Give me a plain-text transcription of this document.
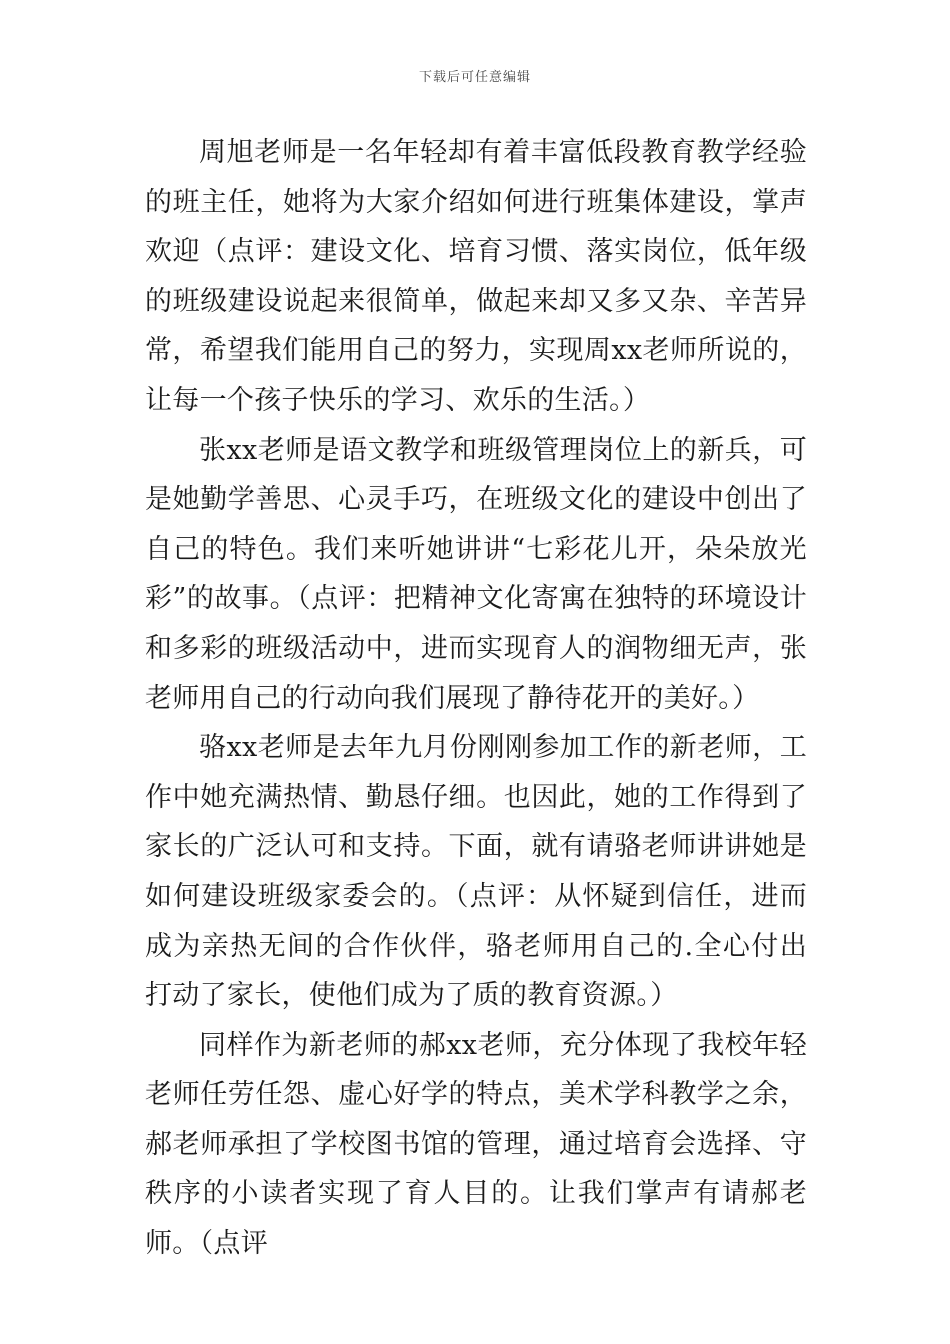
下载后可任意编辑

周旭老师是一名年轻却有着丰富低段教育教学经验的班主任，她将为大家介绍如何进行班集体建设，掌声欢迎（点评：建设文化、培育习惯、落实岗位，低年级的班级建设说起来很简单，做起来却又多又杂、辛苦异常，希望我们能用自己的努力，实现周xx老师所说的，让每一个孩子快乐的学习、欢乐的生活。）

张xx老师是语文教学和班级管理岗位上的新兵，可是她勤学善思、心灵手巧，在班级文化的建设中创出了自己的特色。我们来听她讲讲“七彩花儿开，朵朵放光彩”的故事。（点评：把精神文化寄寓在独特的环境设计和多彩的班级活动中，进而实现育人的润物细无声，张老师用自己的行动向我们展现了静待花开的美好。）

骆xx老师是去年九月份刚刚参加工作的新老师，工作中她充满热情、勤恳仔细。也因此，她的工作得到了家长的广泛认可和支持。下面，就有请骆老师讲讲她是如何建设班级家委会的。（点评：从怀疑到信任，进而成为亲热无间的合作伙伴，骆老师用自己的.全心付出打动了家长，使他们成为了质的教育资源。）

同样作为新老师的郝xx老师，充分体现了我校年轻老师任劳任怨、虚心好学的特点，美术学科教学之余，郝老师承担了学校图书馆的管理，通过培育会选择、守秩序的小读者实现了育人目的。让我们掌声有请郝老师。（点评
